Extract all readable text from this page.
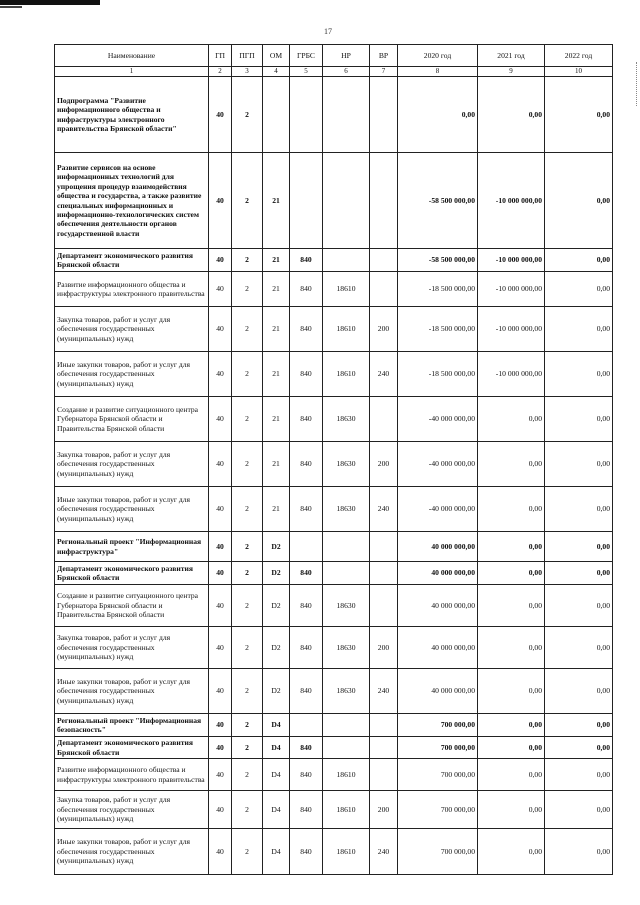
17
Наименование	ГП	ПГП	ОМ	ГРБС	НР	ВР	2020 год	2021 год	2022 год
1	2	3	4	5	6	7	8	9	10
Подпрограмма "Развитие информационного общества и инфраструктуры электронного правительства Брянской области"	40	2					0,00	0,00	0,00
Развитие сервисов на основе информационных технологий для упрощения процедур взаимодействия общества и государства, а также развитие специальных информационных и информационно-технологических систем обеспечения деятельности органов государственной власти	40	2	21				-58 500 000,00	-10 000 000,00	0,00
Департамент экономического развития Брянской области	40	2	21	840			-58 500 000,00	-10 000 000,00	0,00
Развитие информационного общества и инфраструктуры электронного правительства	40	2	21	840	18610		-18 500 000,00	-10 000 000,00	0,00
Закупка товаров, работ и услуг для обеспечения государственных (муниципальных) нужд	40	2	21	840	18610	200	-18 500 000,00	-10 000 000,00	0,00
Иные закупки товаров, работ и услуг для обеспечения государственных (муниципальных) нужд	40	2	21	840	18610	240	-18 500 000,00	-10 000 000,00	0,00
Создание и развитие ситуационного центра Губернатора Брянской области и Правительства Брянской области	40	2	21	840	18630		-40 000 000,00	0,00	0,00
Закупка товаров, работ и услуг для обеспечения государственных (муниципальных) нужд	40	2	21	840	18630	200	-40 000 000,00	0,00	0,00
Иные закупки товаров, работ и услуг для обеспечения государственных (муниципальных) нужд	40	2	21	840	18630	240	-40 000 000,00	0,00	0,00
Региональный проект "Информационная инфраструктура"	40	2	D2				40 000 000,00	0,00	0,00
Департамент экономического развития Брянской области	40	2	D2	840			40 000 000,00	0,00	0,00
Создание и развитие ситуационного центра Губернатора Брянской области и Правительства Брянской области	40	2	D2	840	18630		40 000 000,00	0,00	0,00
Закупка товаров, работ и услуг для обеспечения государственных (муниципальных) нужд	40	2	D2	840	18630	200	40 000 000,00	0,00	0,00
Иные закупки товаров, работ и услуг для обеспечения государственных (муниципальных) нужд	40	2	D2	840	18630	240	40 000 000,00	0,00	0,00
Региональный проект "Информационная безопасность"	40	2	D4				700 000,00	0,00	0,00
Департамент экономического развития Брянской области	40	2	D4	840			700 000,00	0,00	0,00
Развитие информационного общества и инфраструктуры электронного правительства	40	2	D4	840	18610		700 000,00	0,00	0,00
Закупка товаров, работ и услуг для обеспечения государственных (муниципальных) нужд	40	2	D4	840	18610	200	700 000,00	0,00	0,00
Иные закупки товаров, работ и услуг для обеспечения государственных (муниципальных) нужд	40	2	D4	840	18610	240	700 000,00	0,00	0,00
